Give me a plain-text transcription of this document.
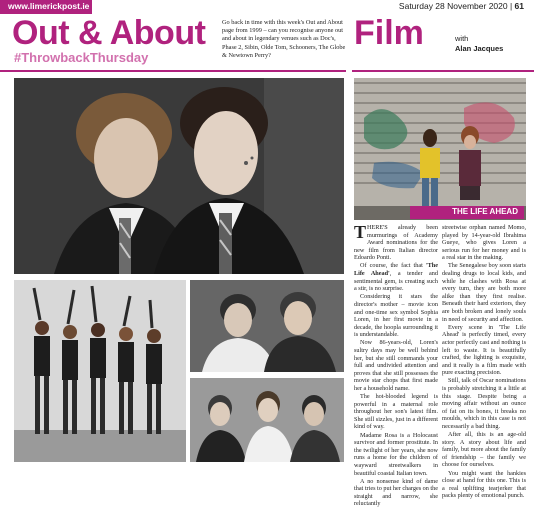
www.limerickpost.ie	Saturday 28 November 2020 | 61
Out & About
#ThrowbackThursday
Go back in time with this week's Out and About page from 1999 – can you recognise anyone out and about in legendary venues such as Doc's, Phase 2, Sibin, Olde Tom, Schooners, The Globe & Newtown Perry?
Film	with
Alan Jacques
THE LIFE AHEAD

THERE'S already been murmurings of Academy Award nominations for the new film from Italian director Edoardo Ponti.

Of course, the fact that 'The Life Ahead', a tender and sentimental gem, is creating such a stir, is no surprise.

Considering it stars the director's mother – movie icon and one-time sex symbol Sophia Loren, in her first movie in a decade, the hoopla surrounding it is understandable.

Now 86-years-old, Loren's sultry days may be well behind her, but she still commands your full and undivided attention and proves that she still possesses the movie star chops that first made her a household name.

The hot-blooded legend is powerful in a maternal role throughout her son's latest film. She still sizzles, just in a different kind of way.

Madame Rosa is a Holocaust survivor and former prostitute. In the twilight of her years, she now runs a home for the children of wayward streetwalkers in beautiful coastal Italian town.

A no nonsense kind of dame that tries to put her charges on the straight and narrow, she reluctantly

streetwise orphan named Momo, played by 14-year-old Ibrahima Gueye, who gives Loren a serious run for her money and is a real star in the making.

The Senegalese boy soon starts dealing drugs to local kids, and while he clashes with Rosa at every turn, they are both more alike than they first realise. Beneath their hard exteriors, they are both broken and lonely souls in need of security and affection.

Every scene in 'The Life Ahead' is perfectly timed, every actor perfectly cast and nothing is left to waste. It is beautifully crafted, the lighting is exquisite, and it really is a film made with pure exacting precision.

Still, talk of Oscar nominations is probably stretching it a little at this stage. Despite being a moving affair without an ounce of fat on its bones, it breaks no moulds, which in this case is not necessarily a bad thing.

After all, this is an age-old story. A story about life and family, but more about the family of friendship – the family we choose for ourselves.

You might want the hankies close at hand for this one. This is a real uplifting tearjerker that packs plenty of emotional punch.
